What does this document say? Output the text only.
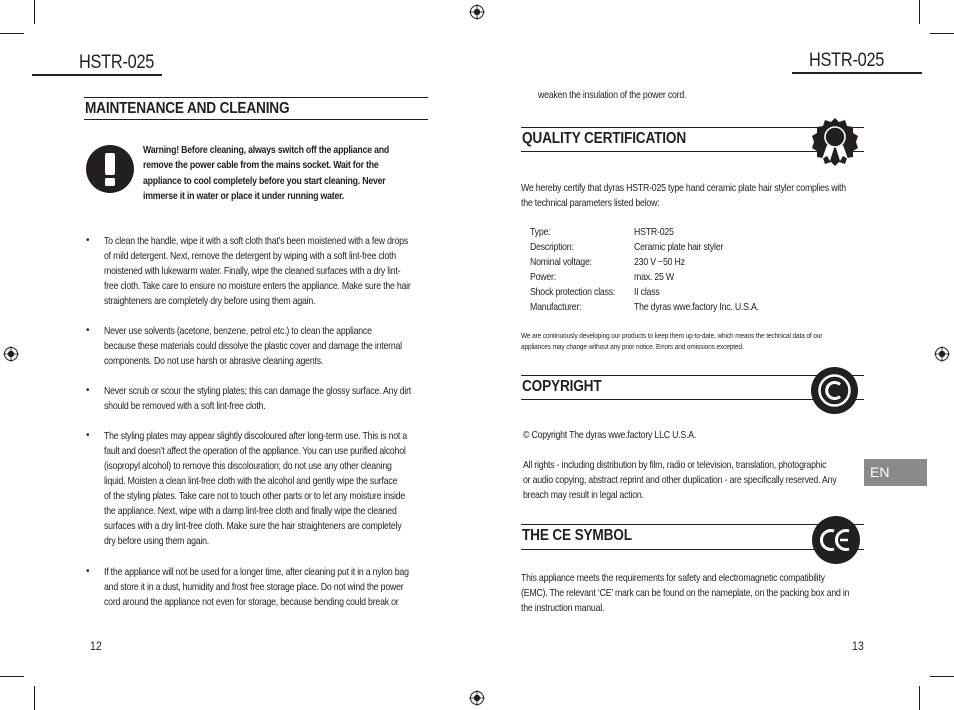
HSTR-025
MAINTENANCE AND CLEANING
Warning! Before cleaning, always switch off the appliance and
remove the power cable from the mains socket. Wait for the
appliance to cool completely before you start cleaning. Never
immerse it in water or place it under running water.
• To clean the handle, wipe it with a soft cloth that’s been moistened with a few drops
of mild detergent. Next, remove the detergent by wiping with a soft lint-free cloth
moistened with lukewarm water. Finally, wipe the cleaned surfaces with a dry lint-
free cloth. Take care to ensure no moisture enters the appliance. Make sure the hair
straighteners are completely dry before using them again.
• Never use solvents (acetone, benzene, petrol etc.) to clean the appliance
because these materials could dissolve the plastic cover and damage the internal
components. Do not use harsh or abrasive cleaning agents.
• Never scrub or scour the styling plates; this can damage the glossy surface. Any dirt
should be removed with a soft lint-free cloth.
• The styling plates may appear slightly discoloured after long-term use. This is not a
fault and doesn’t affect the operation of the appliance. You can use purified alcohol
(isopropyl alcohol) to remove this discolouration; do not use any other cleaning
liquid. Moisten a clean lint-free cloth with the alcohol and gently wipe the surface
of the styling plates. Take care not to touch other parts or to let any moisture inside
the appliance. Next, wipe with a damp lint-free cloth and finally wipe the cleaned
surfaces with a dry lint-free cloth. Make sure the hair straighteners are completely
dry before using them again.
• If the appliance will not be used for a longer time, after cleaning put it in a nylon bag
and store it in a dust, humidity and frost free storage place. Do not wind the power
cord around the appliance not even for storage, because bending could break or
12
HSTR-025
weaken the insulation of the power cord.
QUALITY CERTIFICATION
We hereby certify that dyras HSTR-025 type hand ceramic plate hair styler complies with
the technical parameters listed below:
Type:	HSTR-025
Description:	Ceramic plate hair styler
Nominal voltage:	230 V ~50 Hz
Power:	max. 25 W
Shock protection class: II class
Manufacturer:	The dyras wwe.factory Inc. U.S.A.
We are continuously developing our products to keep them up-to-date, which means the technical data of our
appliances may change without any prior notice. Errors and omissions excepted.
COPYRIGHT
© Copyright The dyras wwe.factory LLC U.S.A.
All rights - including distribution by film, radio or television, translation, photographic
or audio copying, abstract reprint and other duplication - are specifically reserved. Any
breach may result in legal action.
THE CE SYMBOL
This appliance meets the requirements for safety and electromagnetic compatibility
(EMC). The relevant ‘CE’ mark can be found on the nameplate, on the packing box and in
the instruction manual.
EN
13
